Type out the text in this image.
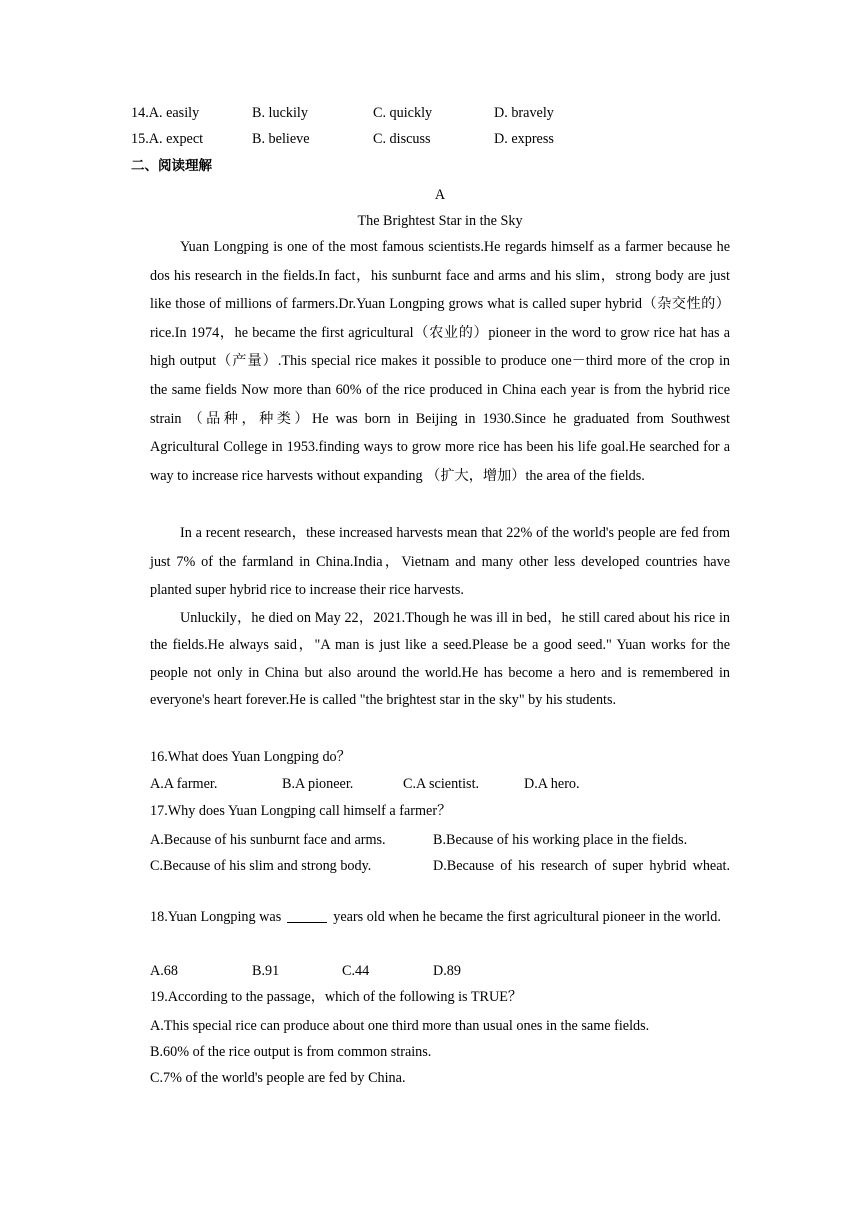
14.A. easily	B. luckily	C. quickly	D. bravely
15.A. expect	B. believe	C. discuss	D. express
二、阅读理解
A
The Brightest Star in the Sky
Yuan Longping is one of the most famous scientists.He regards himself as a farmer because he dos his research in the fields.In fact，his sunburnt face and arms and his slim，strong body are just like those of millions of farmers.Dr.Yuan Longping grows what is called super hybrid（杂交性的）rice.In 1974，he became the first agricultural（农业的）pioneer in the word to grow rice hat has a high output（产量）.This special rice makes it possible to produce one－third more of the crop in the same fields Now more than 60% of the rice produced in China each year is from the hybrid rice strain （品种，种类）He was born in Beijing in 1930.Since he graduated from Southwest Agricultural College in 1953.finding ways to grow more rice has been his life goal.He searched for a way to increase rice harvests without expanding （扩大，增加）the area of the fields.
In a recent research，these increased harvests mean that 22% of the world's people are fed from just 7% of the farmland in China.India，Vietnam and many other less developed countries have planted super hybrid rice to increase their rice harvests.
Unluckily，he died on May 22，2021.Though he was ill in bed，he still cared about his rice in the fields.He always said，"A man is just like a seed.Please be a good seed." Yuan works for the people not only in China but also around the world.He has become a hero and is remembered in everyone's heart forever.He is called "the brightest star in the sky" by his students.
16.What does Yuan Longping do？
A.A farmer.	B.A pioneer.	C.A scientist.	D.A hero.
17.Why does Yuan Longping call himself a farmer？
A.Because of his sunburnt face and arms.	B.Because of his working place in the fields.
C.Because of his slim and strong body.	D.Because of his research of super hybrid wheat.
18.Yuan Longping was	years old when he became the first agricultural pioneer in the world.
A.68	B.91	C.44	D.89
19.According to the passage，which of the following is TRUE？
A.This special rice can produce about one third more than usual ones in the same fields.
B.60% of the rice output is from common strains.
C.7% of the world's people are fed by China.
